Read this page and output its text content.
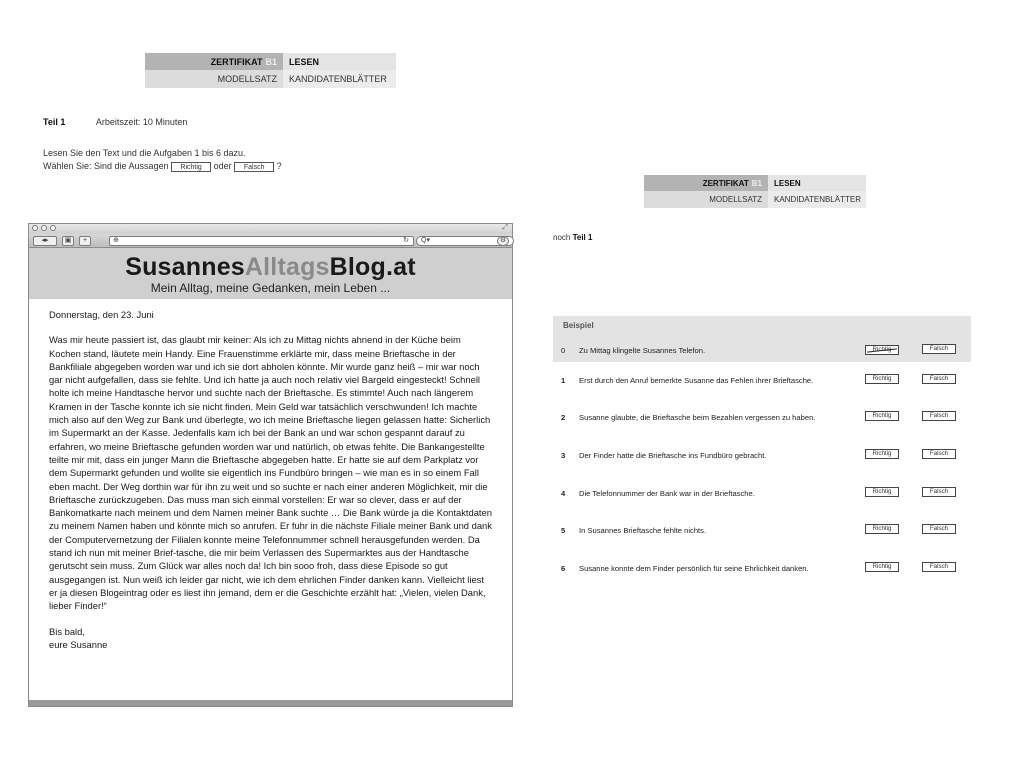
ZERTIFIKAT B1	LESEN
MODELLSATZ	KANDIDATENBLÄTTER
Teil 1	Arbeitszeit: 10 Minuten
Lesen Sie den Text und die Aufgaben 1 bis 6 dazu.
Wählen Sie: Sind die Aussagen Richtig oder Falsch ?
⤢
◂▸	▣	+	⊕	↻	Q▾	⚙
SusannesAlltagsBlog.at
Mein Alltag, meine Gedanken, mein Leben ...

Donnerstag, den 23. Juni

Was mir heute passiert ist, das glaubt mir keiner: Als ich zu Mittag nichts ahnend in der Küche beim Kochen stand, läutete mein Handy. Eine Frauenstimme erklärte mir, dass meine Brieftasche in der Bankfiliale abgegeben worden war und ich sie dort abholen könnte. Mir wurde ganz heiß – mir war noch gar nicht aufgefallen, dass sie fehlte. Und ich hatte ja auch noch relativ viel Bargeld eingesteckt! Schnell holte ich meine Handtasche hervor und suchte nach der Brieftasche. Es stimmte! Auch nach längerem Kramen in der Tasche konnte ich sie nicht finden. Mein Geld war tatsächlich verschwunden! Ich machte mich also auf den Weg zur Bank und überlegte, wo ich meine Brieftasche liegen gelassen hatte: Sicherlich im Supermarkt an der Kasse. Jedenfalls kam ich bei der Bank an und war schon gespannt darauf zu erfahren, wo meine Brieftasche gefunden worden war und natürlich, ob etwas fehlte. Die Bankangestellte teilte mir mit, dass ein junger Mann die Brieftasche abgegeben hatte. Er hatte sie auf dem Parkplatz vor dem Supermarkt gefunden und wollte sie eigentlich ins Fundbüro bringen – wie man es in so einem Fall eben macht. Der Weg dorthin war für ihn zu weit und so suchte er nach einer anderen Möglichkeit, mir die Brieftasche zurückzugeben. Das muss man sich einmal vorstellen: Er war so clever, dass er auf der Bankomatkarte nach meinem und dem Namen meiner Bank suchte … Die Bank würde ja die Kontaktdaten zu meinem Namen haben und könnte mich so anrufen. Er fuhr in die nächste Filiale meiner Bank und dank der Computervernetzung der Filialen konnte meine Telefonnummer schnell herausgefunden werden. Da stand ich nun mit meiner Brief-tasche, die mir beim Verlassen des Supermarktes aus der Handtasche gerutscht sein muss. Zum Glück war alles noch da! Ich bin sooo froh, dass diese Episode so gut ausgegangen ist. Nun weiß ich leider gar nicht, wie ich dem ehrlichen Finder danken kann. Vielleicht liest er ja diesen Blogeintrag oder es liest ihn jemand, dem er die Geschichte erzählt hat: „Vielen, vielen Dank, lieber Finder!“

Bis bald,

eure Susanne

ZERTIFIKAT B1	LESEN
MODELLSATZ	KANDIDATENBLÄTTER
noch Teil 1
Beispiel
0 Zu Mittag klingelte Susannes Telefon.	Richtig	Falsch
1 Erst durch den Anruf bemerkte Susanne das Fehlen ihrer Brieftasche.	Richtig	Falsch
2 Susanne glaubte, die Brieftasche beim Bezahlen vergessen zu haben.	Richtig	Falsch
3 Der Finder hatte die Brieftasche ins Fundbüro gebracht.	Richtig	Falsch
4 Die Telefonnummer der Bank war in der Brieftasche.	Richtig	Falsch
5 In Susannes Brieftasche fehlte nichts.	Richtig	Falsch
6 Susanne konnte dem Finder persönlich für seine Ehrlichkeit danken.	Richtig	Falsch
